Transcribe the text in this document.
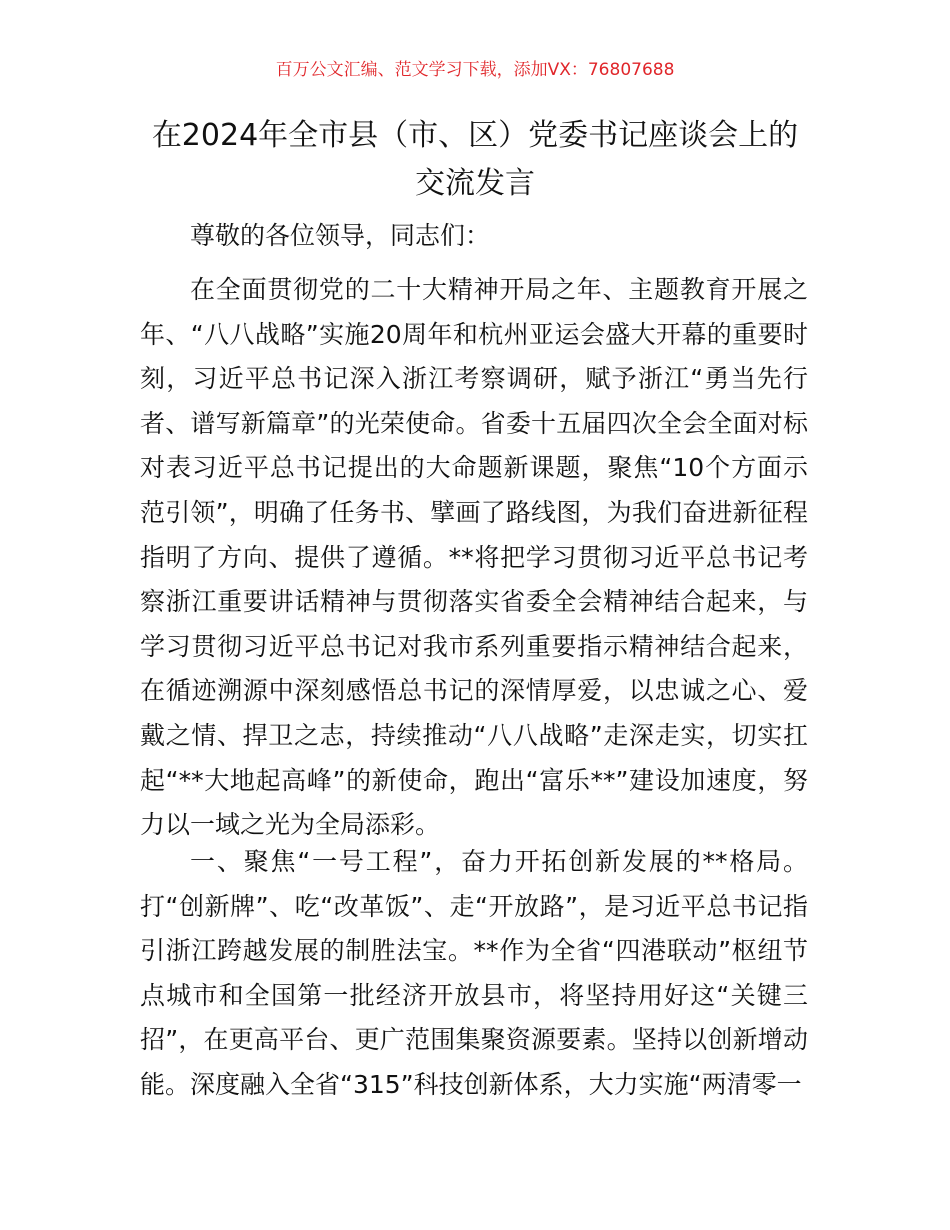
百万公文汇编、范文学习下载，添加VX：76807688
在2024年全市县（市、区）党委书记座谈会上的交流发言

尊敬的各位领导，同志们：

在全面贯彻党的二十大精神开局之年、主题教育开展之年、“八八战略”实施20周年和杭州亚运会盛大开幕的重要时刻，习近平总书记深入浙江考察调研，赋予浙江“勇当先行者、谱写新篇章”的光荣使命。省委十五届四次全会全面对标对表习近平总书记提出的大命题新课题，聚焦“10个方面示范引领”，明确了任务书、擘画了路线图，为我们奋进新征程指明了方向、提供了遵循。**将把学习贯彻习近平总书记考察浙江重要讲话精神与贯彻落实省委全会精神结合起来，与学习贯彻习近平总书记对我市系列重要指示精神结合起来，在循迹溯源中深刻感悟总书记的深情厚爱，以忠诚之心、爱戴之情、捍卫之志，持续推动“八八战略”走深走实，切实扛起“**大地起高峰”的新使命，跑出“富乐**”建设加速度，努力以一域之光为全局添彩。

一、聚焦“一号工程”，奋力开拓创新发展的**格局。打“创新牌”、吃“改革饭”、走“开放路”，是习近平总书记指引浙江跨越发展的制胜法宝。**作为全省“四港联动”枢纽节点城市和全国第一批经济开放县市，将坚持用好这“关键三招”，在更高平台、更广范围集聚资源要素。坚持以创新增动能。深度融入全省“315”科技创新体系，大力实施“两清零一
